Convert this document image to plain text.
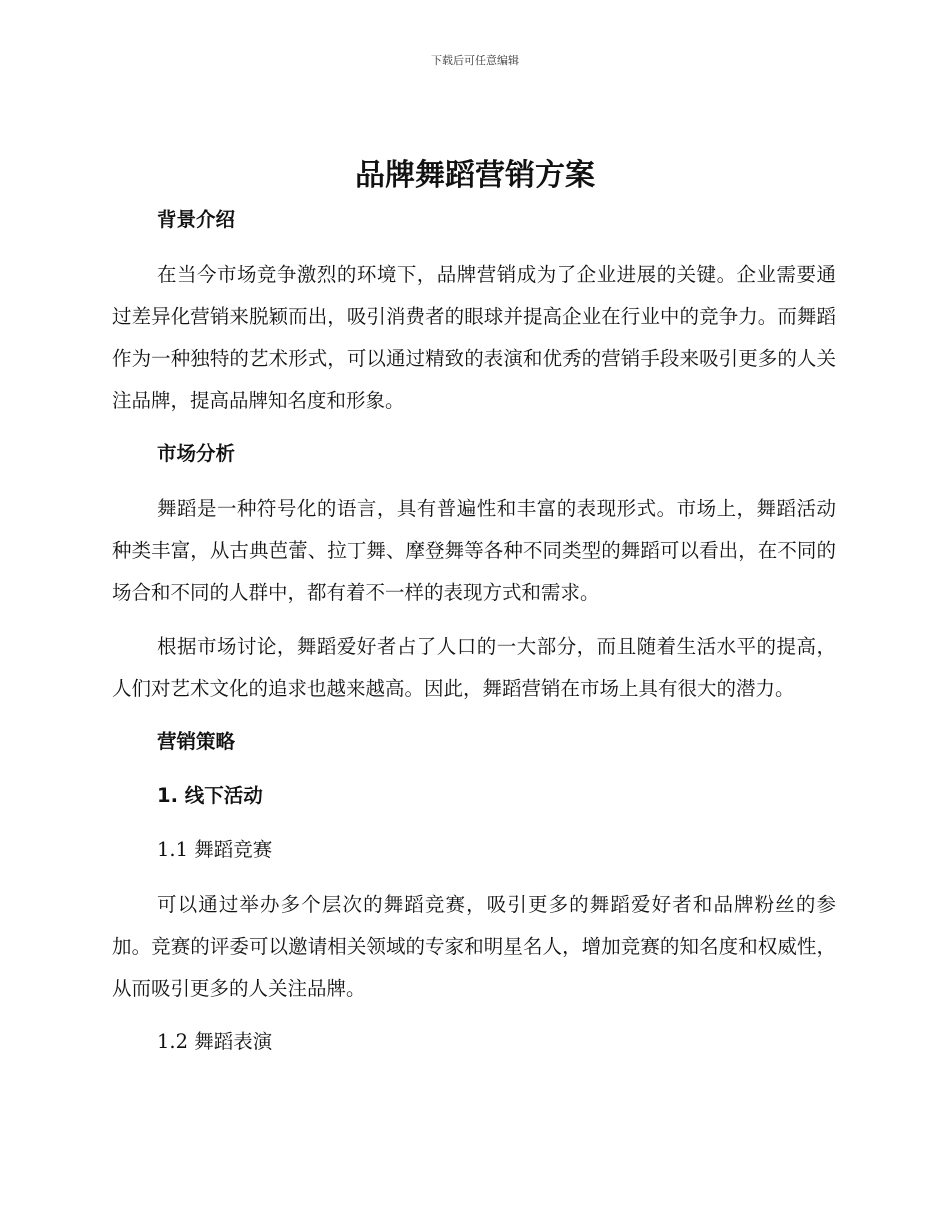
下载后可任意编辑
品牌舞蹈营销方案
背景介绍

在当今市场竞争激烈的环境下，品牌营销成为了企业进展的关键。企业需要通过差异化营销来脱颖而出，吸引消费者的眼球并提高企业在行业中的竞争力。而舞蹈作为一种独特的艺术形式，可以通过精致的表演和优秀的营销手段来吸引更多的人关注品牌，提高品牌知名度和形象。

市场分析

舞蹈是一种符号化的语言，具有普遍性和丰富的表现形式。市场上，舞蹈活动种类丰富，从古典芭蕾、拉丁舞、摩登舞等各种不同类型的舞蹈可以看出，在不同的场合和不同的人群中，都有着不一样的表现方式和需求。

根据市场讨论，舞蹈爱好者占了人口的一大部分，而且随着生活水平的提高，人们对艺术文化的追求也越来越高。因此，舞蹈营销在市场上具有很大的潜力。

营销策略
1. 线下活动
1.1 舞蹈竞赛

可以通过举办多个层次的舞蹈竞赛，吸引更多的舞蹈爱好者和品牌粉丝的参加。竞赛的评委可以邀请相关领域的专家和明星名人，增加竞赛的知名度和权威性，从而吸引更多的人关注品牌。

1.2 舞蹈表演
